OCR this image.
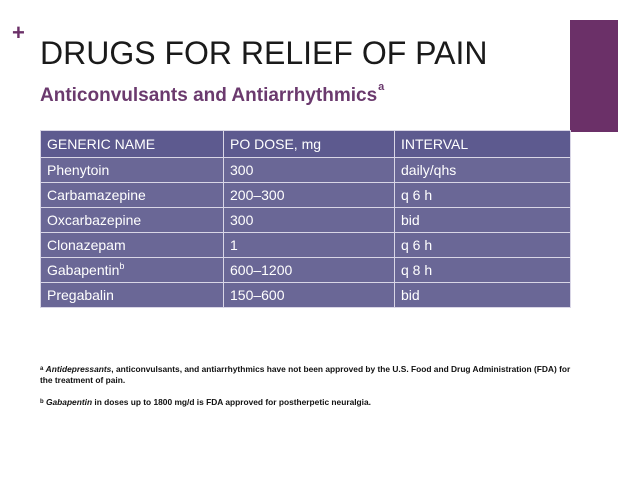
+
DRUGS FOR RELIEF OF PAIN
Anticonvulsants and Antiarrhythmics$^a$
GENERIC NAME	PO DOSE, mg	INTERVAL
Phenytoin	300	daily/qhs
Carbamazepine	200–300	q 6 h
Oxcarbazepine	300	bid
Clonazepam	1	q 6 h
Gabapentin$^b$	600–1200	q 8 h
Pregabalin	150–600	bid

$^a$ Antidepressants, anticonvulsants, and antiarrhythmics have not been approved by the U.S. Food and Drug Administration (FDA) for the treatment of pain.

$^b$ Gabapentin in doses up to 1800 mg/d is FDA approved for postherpetic neuralgia.
